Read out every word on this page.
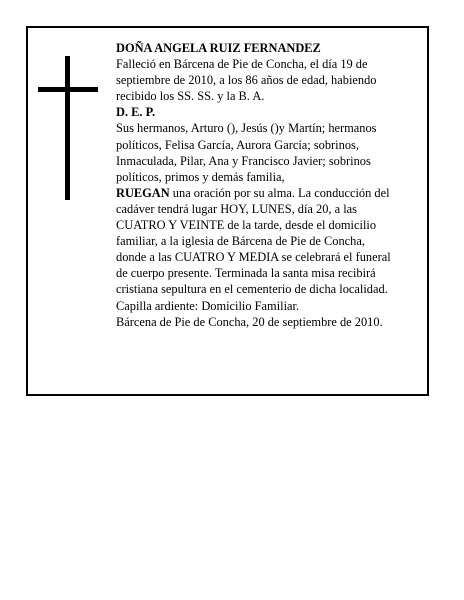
DOÑA ANGELA RUIZ FERNANDEZ

Falleció en Bárcena de Pie de Concha, el día 19 de

septiembre de 2010, a los 86 años de edad, habiendo

recibido los SS. SS. y la B. A.

D. E. P.

Sus hermanos, Arturo (), Jesús ()y Martín; hermanos

políticos, Felisa García, Aurora García; sobrinos,

Inmaculada, Pilar, Ana y Francisco Javier; sobrinos

políticos, primos y demás familia,

RUEGAN una oración por su alma. La conducción del

cadáver tendrá lugar HOY, LUNES, día 20, a las

CUATRO Y VEINTE de la tarde, desde el domicilio

familiar, a la iglesia de Bárcena de Pie de Concha,

donde a las CUATRO Y MEDIA se celebrará el funeral

de cuerpo presente. Terminada la santa misa recibirá

cristiana sepultura en el cementerio de dicha localidad.

Capilla ardiente: Domicilio Familiar.

Bárcena de Pie de Concha, 20 de septiembre de 2010.
